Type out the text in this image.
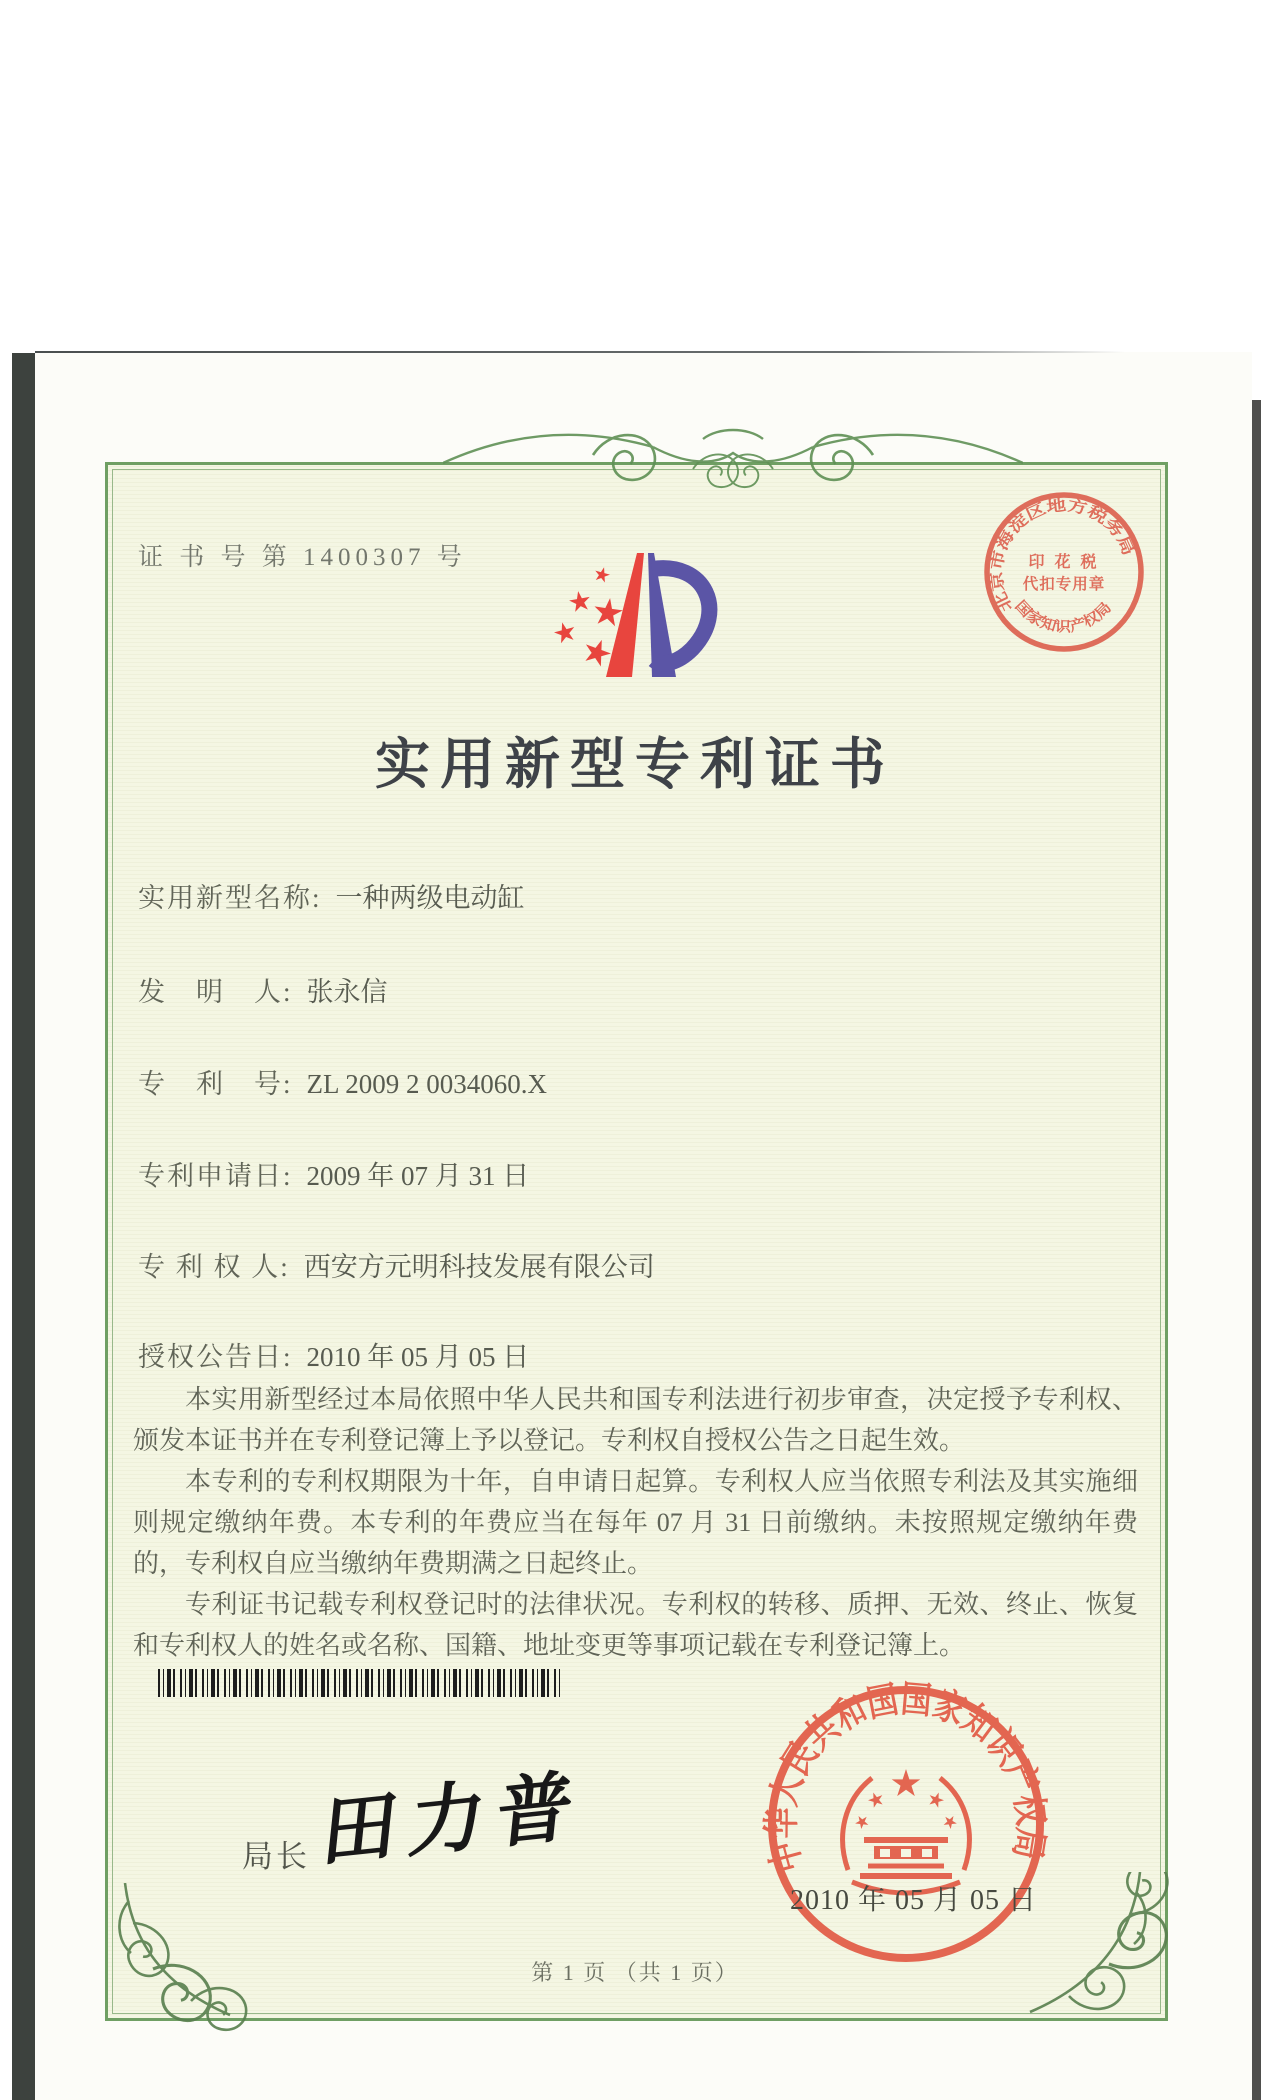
证 书 号 第 1400307 号
实用新型专利证书
实用新型名称: 一种两级电动缸
发　明　人: 张永信
专　利　号: ZL 2009 2 0034060.X
专利申请日: 2009 年 07 月 31 日
专 利 权 人: 西安方元明科技发展有限公司
授权公告日: 2010 年 05 月 05 日

本实用新型经过本局依照中华人民共和国专利法进行初步审查，决定授予专利权、颁发本证书并在专利登记簿上予以登记。专利权自授权公告之日起生效。

本专利的专利权期限为十年，自申请日起算。专利权人应当依照专利法及其实施细则规定缴纳年费。本专利的年费应当在每年 07 月 31 日前缴纳。未按照规定缴纳年费的，专利权自应当缴纳年费期满之日起终止。

专利证书记载专利权登记时的法律状况。专利权的转移、质押、无效、终止、恢复和专利权人的姓名或名称、国籍、地址变更等事项记载在专利登记簿上。

局长 田力普	中华人民共和国国家知识产权局
2010 年 05 月 05 日
第 1 页 （共 1 页）
北京市海淀区地方税务局
国家知识产权局
印 花 税
代扣专用章
